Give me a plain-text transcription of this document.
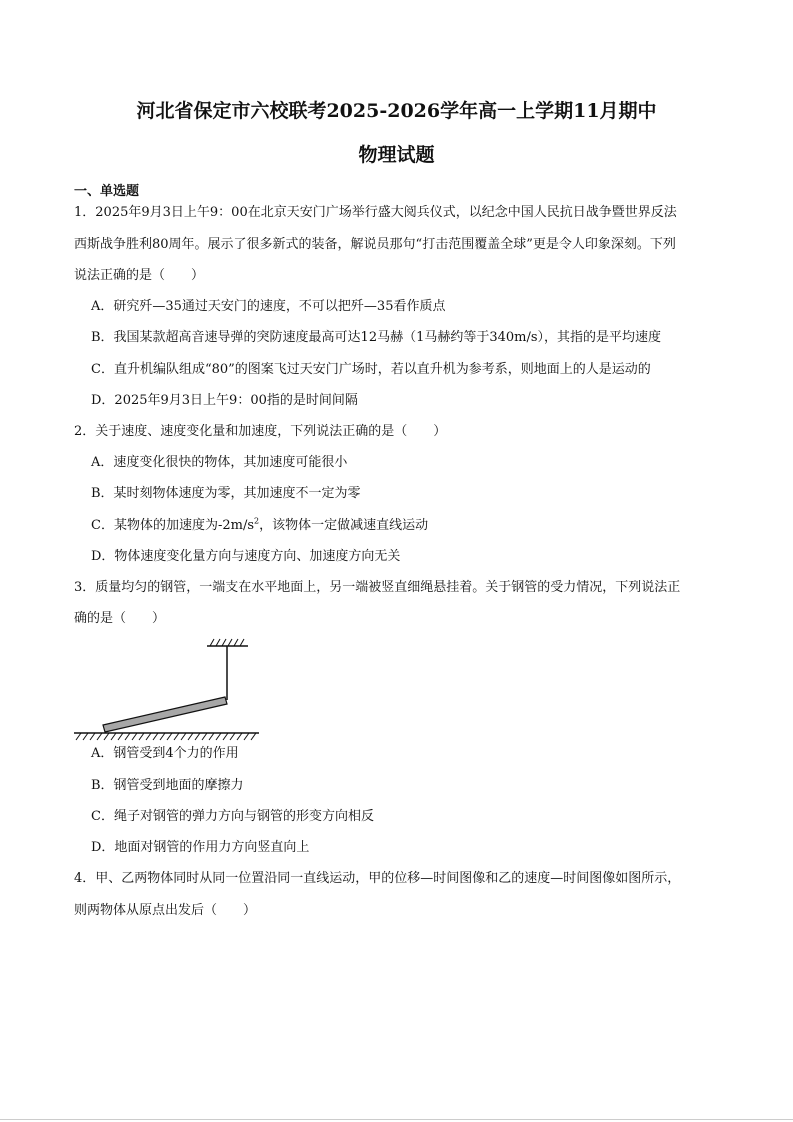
河北省保定市六校联考2025-2026学年高一上学期11月期中
物理试题
一、单选题
1．2025年9月3日上午9：00在北京天安门广场举行盛大阅兵仪式，以纪念中国人民抗日战争暨世界反法
西斯战争胜利80周年。展示了很多新式的装备，解说员那句“打击范围覆盖全球”更是令人印象深刻。下列
说法正确的是（　　）
A．研究歼—35通过天安门的速度，不可以把歼—35看作质点
B．我国某款超高音速导弹的突防速度最高可达12马赫（1马赫约等于340m/s），其指的是平均速度
C．直升机编队组成“80”的图案飞过天安门广场时，若以直升机为参考系，则地面上的人是运动的
D．2025年9月3日上午9：00指的是时间间隔
2．关于速度、速度变化量和加速度，下列说法正确的是（　　）
A．速度变化很快的物体，其加速度可能很小
B．某时刻物体速度为零，其加速度不一定为零
C．某物体的加速度为$-2m/s^2$，该物体一定做减速直线运动
D．物体速度变化量方向与速度方向、加速度方向无关
3．质量均匀的钢管，一端支在水平地面上，另一端被竖直细绳悬挂着。关于钢管的受力情况，下列说法正
确的是（　　）
A．钢管受到4个力的作用
B．钢管受到地面的摩擦力
C．绳子对钢管的弹力方向与钢管的形变方向相反
D．地面对钢管的作用力方向竖直向上
4．甲、乙两物体同时从同一位置沿同一直线运动，甲的位移—时间图像和乙的速度—时间图像如图所示，
则两物体从原点出发后（　　）
